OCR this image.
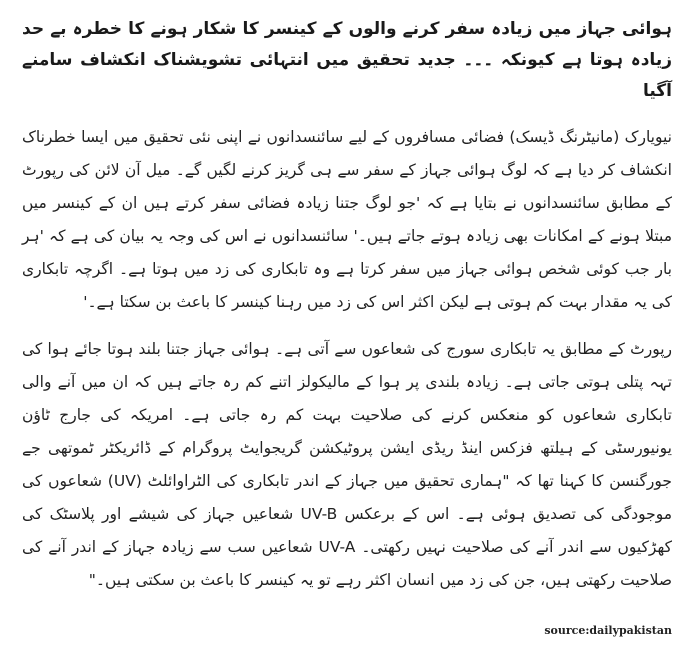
ہوائی جہاز میں زیادہ سفر کرنے والوں کے کینسر کا شکار ہونے کا خطرہ بے حد زیادہ ہوتا ہے کیونکہ ۔۔۔ جدید تحقیق میں انتہائی تشویشناک انکشاف سامنے آگیا

نیویارک (مانیٹرنگ ڈیسک) فضائی مسافروں کے لیے سائنسدانوں نے اپنی نئی تحقیق میں ایسا خطرناک انکشاف کر دیا ہے کہ لوگ ہوائی جہاز کے سفر سے ہی گریز کرنے لگیں گے۔ میل آن لائن کی رپورٹ کے مطابق سائنسدانوں نے بتایا ہے کہ 'جو لوگ جتنا زیادہ فضائی سفر کرتے ہیں ان کے کینسر میں مبتلا ہونے کے امکانات بھی زیادہ ہوتے جاتے ہیں۔' سائنسدانوں نے اس کی وجہ یہ بیان کی ہے کہ 'ہر بار جب کوئی شخص ہوائی جہاز میں سفر کرتا ہے وہ تابکاری کی زد میں ہوتا ہے۔ اگرچہ تابکاری کی یہ مقدار بہت کم ہوتی ہے لیکن اکثر اس کی زد میں رہنا کینسر کا باعث بن سکتا ہے۔'

رپورٹ کے مطابق یہ تابکاری سورج کی شعاعوں سے آتی ہے۔ ہوائی جہاز جتنا بلند ہوتا جائے ہوا کی تہہ پتلی ہوتی جاتی ہے۔ زیادہ بلندی پر ہوا کے مالیکولز اتنے کم رہ جاتے ہیں کہ ان میں آنے والی تابکاری شعاعوں کو منعکس کرنے کی صلاحیت بہت کم رہ جاتی ہے۔ امریکہ کی جارج ٹاؤن یونیورسٹی کے ہیلتھ فزکس اینڈ ریڈی ایشن پروٹیکشن گریجوایٹ پروگرام کے ڈائریکٹر ٹموتھی جے جورگنسن کا کہنا تھا کہ "ہماری تحقیق میں جہاز کے اندر تابکاری کی الٹراوائلٹ (UV) شعاعوں کی موجودگی کی تصدیق ہوئی ہے۔ اس کے برعکس UV-B شعاعیں جہاز کی شیشے اور پلاسٹک کی کھڑکیوں سے اندر آنے کی صلاحیت نہیں رکھتی۔ UV-A شعاعیں سب سے زیادہ جہاز کے اندر آنے کی صلاحیت رکھتی ہیں، جن کی زد میں انسان اکثر رہے تو یہ کینسر کا باعث بن سکتی ہیں۔"

source:dailypakistan
